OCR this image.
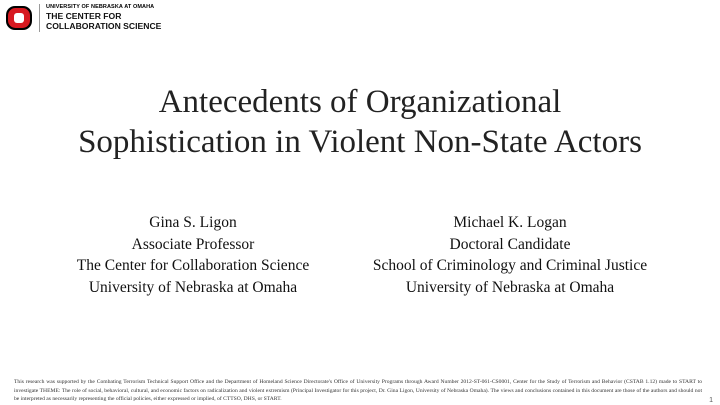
UNIVERSITY OF NEBRASKA AT OMAHA
THE CENTER FOR
COLLABORATION SCIENCE
Antecedents of Organizational
Sophistication in Violent Non-State Actors
Gina S. Ligon
Associate Professor
The Center for Collaboration Science
University of Nebraska at Omaha
Michael K. Logan
Doctoral Candidate
School of Criminology and Criminal Justice
University of Nebraska at Omaha
This research was supported by the Combating Terrorism Technical Support Office and the Department of Homeland Science Directorate's Office of University Programs through Award Number 2012-ST-061-CS0001, Center for the Study of Terrorism and Behavior (CSTAB 1.12) made to START to investigate THEME: The role of social, behavioral, cultural, and economic factors on radicalization and violent extremism (Principal Investigator for this project, Dr. Gina Ligon, University of Nebraska Omaha). The views and conclusions contained in this document are those of the authors and should not be interpreted as necessarily representing the official policies, either expressed or implied, of CTTSO, DHS, or START.	1
